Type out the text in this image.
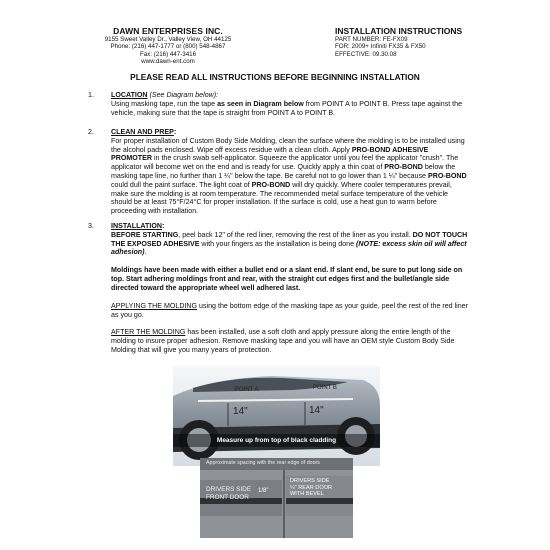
DAWN ENTERPRISES INC.
9155 Sweet Valley Dr., Valley View, OH 44125
Phone: (216) 447-1777 or (800) 548-4867
Fax: (216) 447-3416
www.dawn-ent.com
INSTALLATION INSTRUCTIONS
PART NUMBER: FE-FX09
FOR: 2009+ Infiniti FX35 & FX50
EFFECTIVE: 09.30.08
PLEASE READ ALL INSTRUCTIONS BEFORE BEGINNING INSTALLATION
1. LOCATION (See Diagram below):
Using masking tape, run the tape as seen in Diagram below from POINT A to POINT B. Press tape against the vehicle, making sure that the tape is straight from POINT A to POINT B.
2. CLEAN AND PREP:
For proper installation of Custom Body Side Molding, clean the surface where the molding is to be installed using the alcohol pads enclosed. Wipe off excess residue with a clean cloth. Apply PRO-BOND ADHESIVE PROMOTER in the crush swab self-applicator. Squeeze the applicator until you feel the applicator "crush". The applicator will become wet on the end and is ready for use. Quickly apply a thin coat of PRO-BOND below the masking tape line, no further than 1 ¼" below the tape. Be careful not to go lower than 1 ¼" because PRO-BOND could dull the paint surface. The light coat of PRO-BOND will dry quickly. Where cooler temperatures prevail, make sure the molding is at room temperature. The recommended metal surface temperature of the vehicle should be at least 75°F/24°C for proper installation. If the surface is cold, use a heat gun to warm before proceeding with installation.
3. INSTALLATION:
BEFORE STARTING, peel back 12" of the red liner, removing the rest of the liner as you install. DO NOT TOUCH THE EXPOSED ADHESIVE with your fingers as the installation is being done (NOTE: excess skin oil will affect adhesion).
Moldings have been made with either a bullet end or a slant end. If slant end, be sure to put long side on top. Start adhering moldings front and rear, with the straight cut edges first and the bullet/angle side directed toward the appropriate wheel well adhered last.
APPLYING THE MOLDING using the bottom edge of the masking tape as your guide, peel the rest of the red liner as you go.
AFTER THE MOLDING has been installed, use a soft cloth and apply pressure along the entire length of the molding to insure proper adhesion. Remove masking tape and you will have an OEM style Custom Body Side Molding that will give you many years of protection.
POINT A	POINT B
14"	14"
Measure up from top of black cladding
Approximate spacing with the rear edge of doors
DRIVERS SIDE
FRONT DOOR
1/8"
DRIVERS SIDE
¼" REAR DOOR
WITH BEVEL
